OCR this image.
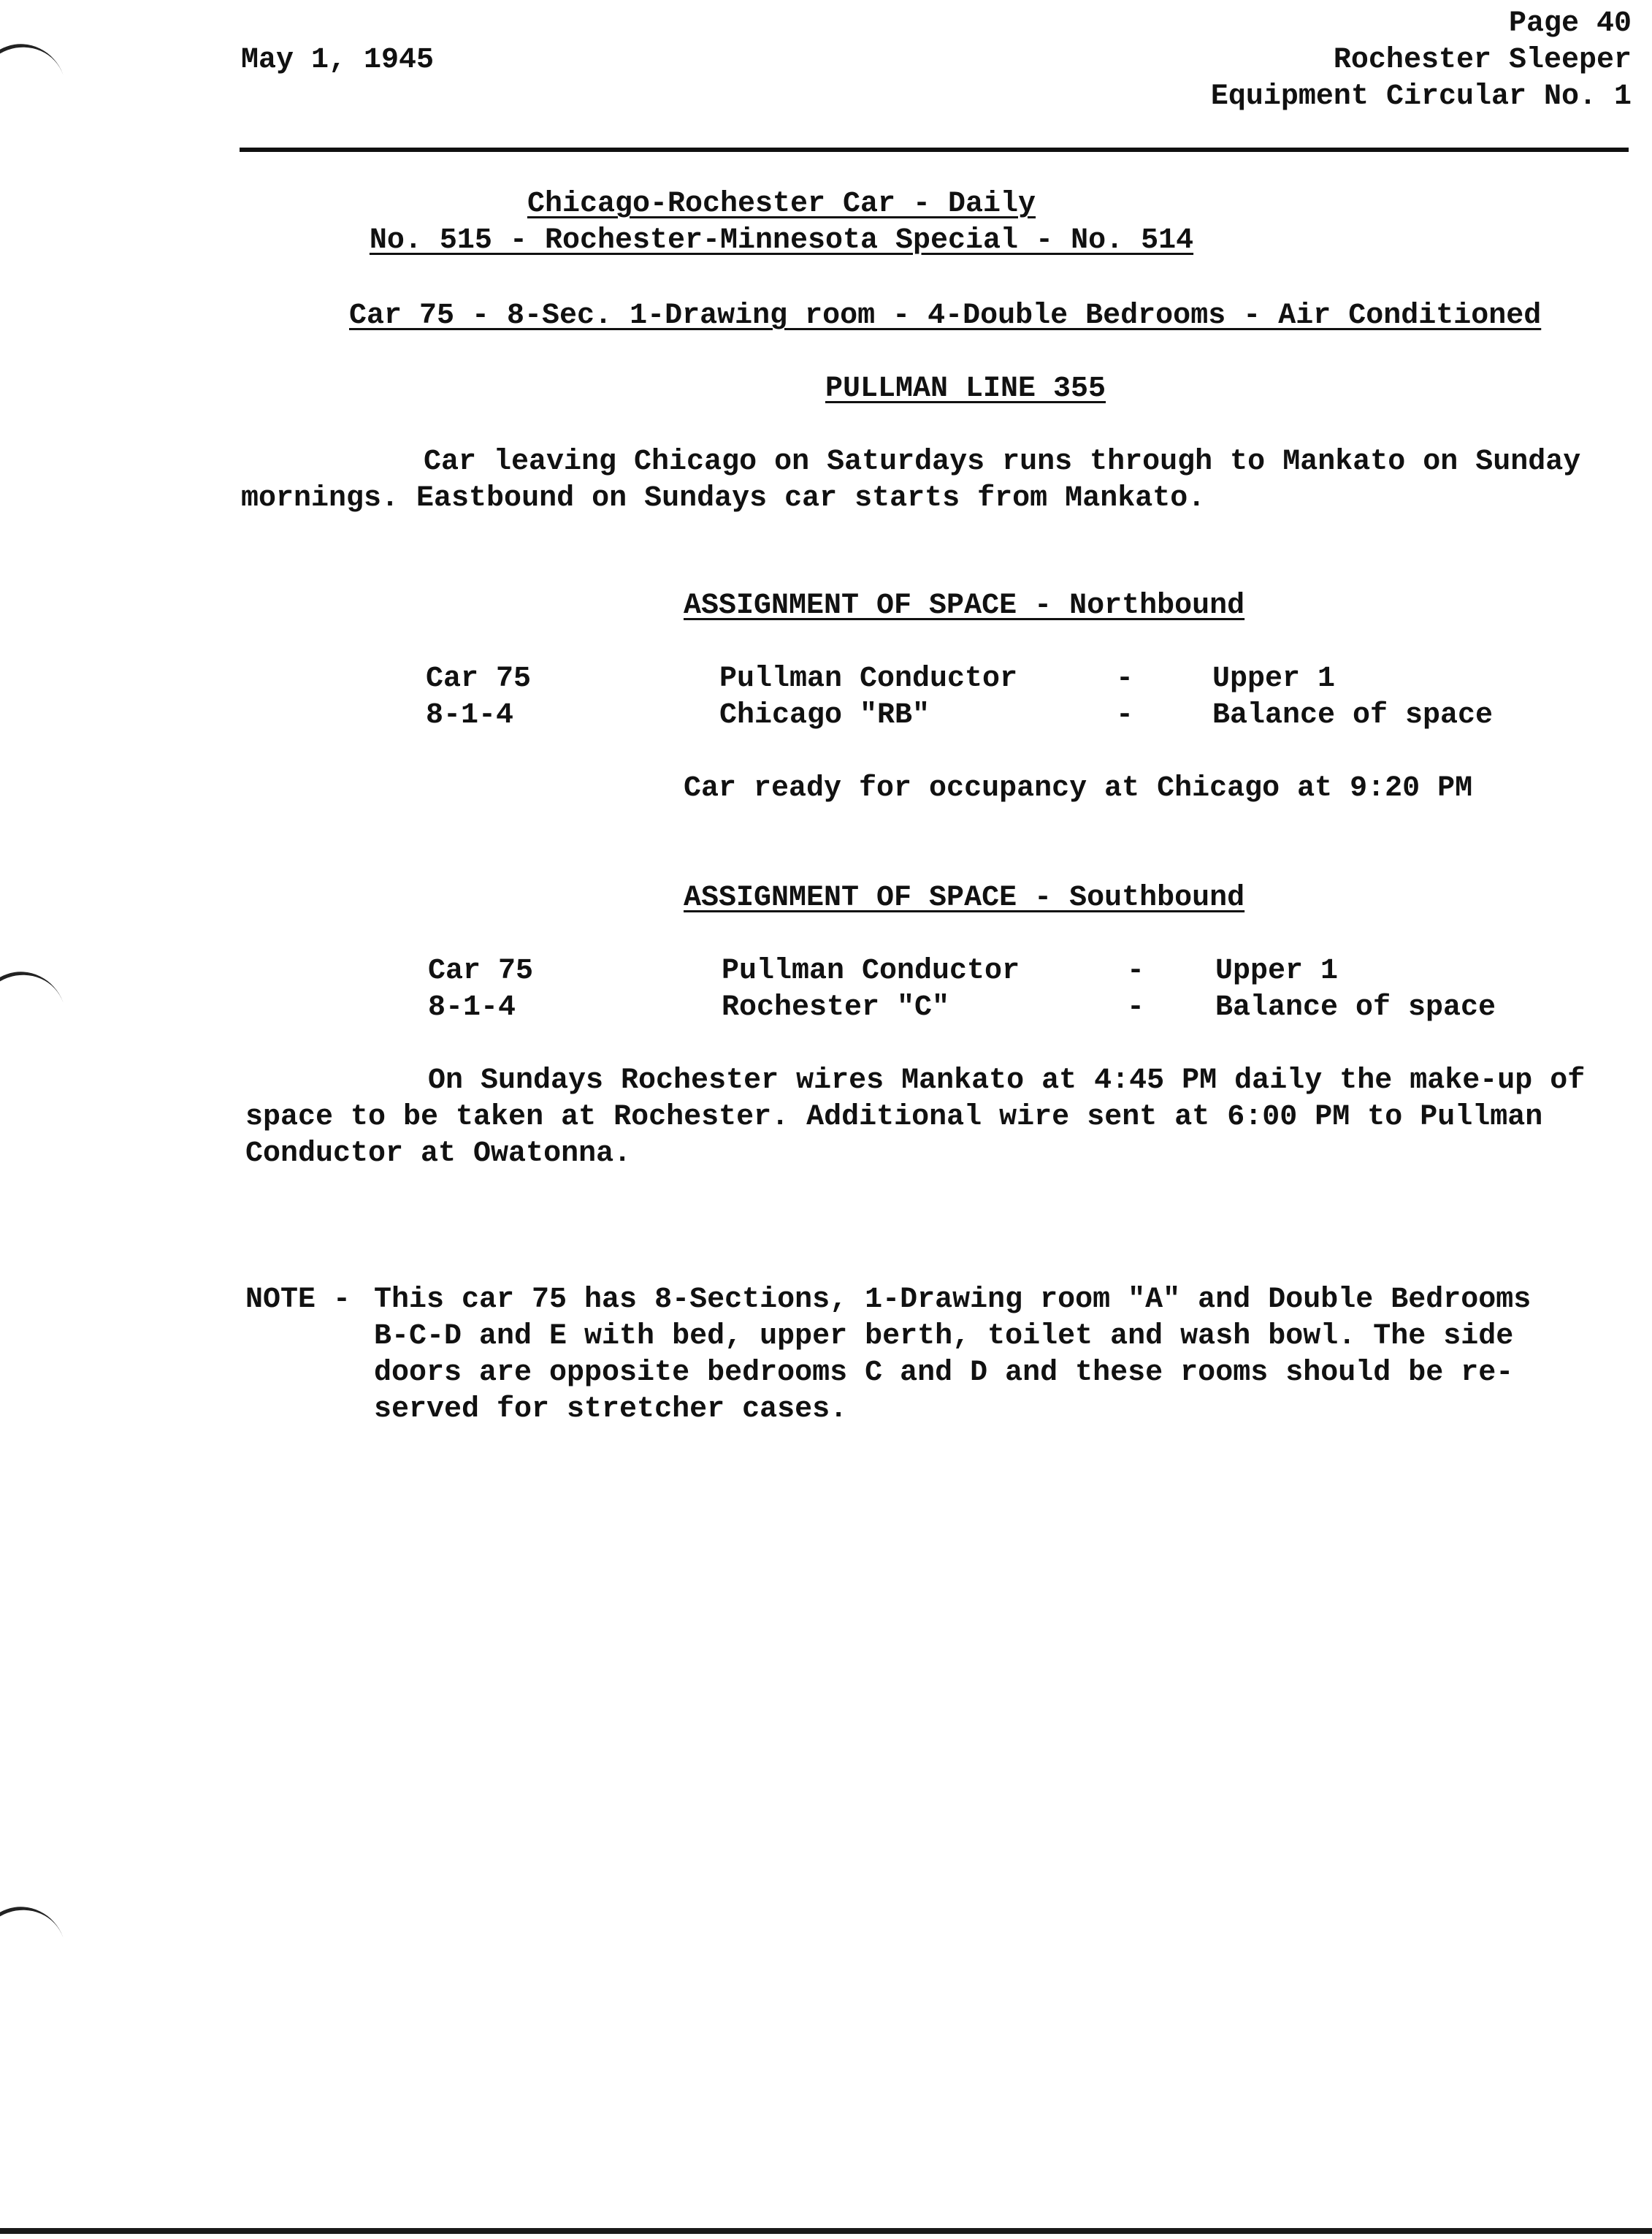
May 1, 1945
Page 40
Rochester Sleeper
Equipment Circular No. 1
Chicago-Rochester Car - Daily
No. 515 - Rochester-Minnesota Special - No. 514
Car 75 - 8-Sec. 1-Drawing room - 4-Double Bedrooms - Air Conditioned
PULLMAN LINE 355
Car leaving Chicago on Saturdays runs through to Mankato on Sunday
mornings. Eastbound on Sundays car starts from Mankato.
ASSIGNMENT OF SPACE - Northbound
Car 75	Pullman Conductor	-	Upper 1
8-1-4	Chicago "RB"	-	Balance of space
Car ready for occupancy at Chicago at 9:20 PM
ASSIGNMENT OF SPACE - Southbound
Car 75	Pullman Conductor	- Upper 1
8-1-4	Rochester "C"	- Balance of space
On Sundays Rochester wires Mankato at 4:45 PM daily the make-up of
space to be taken at Rochester. Additional wire sent at 6:00 PM to Pullman
Conductor at Owatonna.
NOTE - This car 75 has 8-Sections, 1-Drawing room "A" and Double Bedrooms
B-C-D and E with bed, upper berth, toilet and wash bowl. The side
doors are opposite bedrooms C and D and these rooms should be re-
served for stretcher cases.
